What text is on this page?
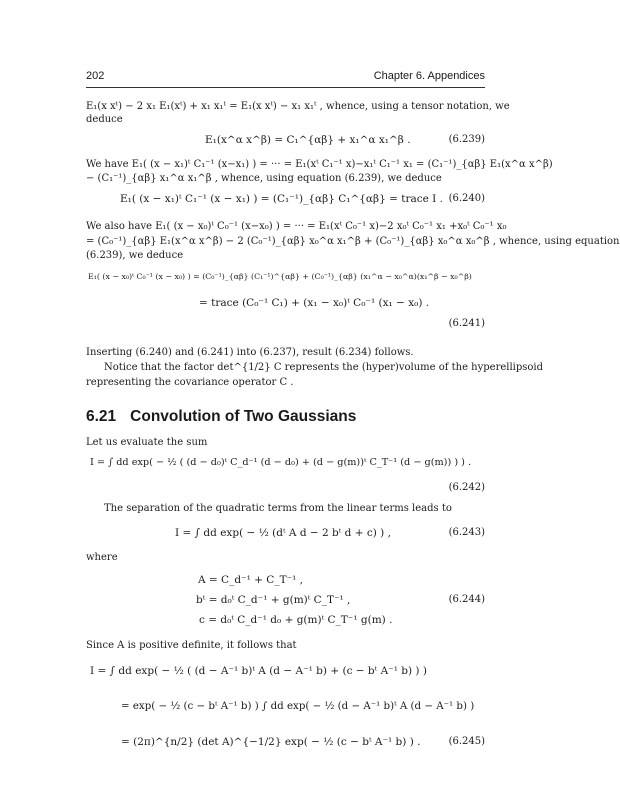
202	Chapter 6. Appendices
E₁(x xᵗ) − 2 x₁ E₁(xᵗ) + x₁ x₁ᵗ = E₁(x xᵗ) − x₁ x₁ᵗ , whence, using a tensor notation, we
deduce
E₁(x^α x^β) = C₁^{αβ} + x₁^α x₁^β .	(6.239)
We have E₁( (x − x₁)ᵗ C₁⁻¹ (x−x₁) ) = ··· = E₁(xᵗ C₁⁻¹ x)−x₁ᵗ C₁⁻¹ x₁ = (C₁⁻¹)_{αβ} E₁(x^α x^β)
− (C₁⁻¹)_{αβ} x₁^α x₁^β , whence, using equation (6.239), we deduce
E₁( (x − x₁)ᵗ C₁⁻¹ (x − x₁) ) = (C₁⁻¹)_{αβ} C₁^{αβ} = trace I . (6.240)
We also have E₁( (x − x₀)ᵗ C₀⁻¹ (x−x₀) ) = ··· = E₁(xᵗ C₀⁻¹ x)−2 x₀ᵗ C₀⁻¹ x₁ +x₀ᵗ C₀⁻¹ x₀
= (C₀⁻¹)_{αβ} E₁(x^α x^β) − 2 (C₀⁻¹)_{αβ} x₀^α x₁^β + (C₀⁻¹)_{αβ} x₀^α x₀^β , whence, using equation
(6.239), we deduce
E₁( (x − x₀)ᵗ C₀⁻¹ (x − x₀) ) = (C₀⁻¹)_{αβ} (C₁⁻¹)^{αβ} + (C₀⁻¹)_{αβ} (x₁^α − x₀^α)(x₁^β − x₀^β)
= trace (C₀⁻¹ C₁) + (x₁ − x₀)ᵗ C₀⁻¹ (x₁ − x₀) .
(6.241)
Inserting (6.240) and (6.241) into (6.237), result (6.234) follows.
Notice that the factor det^{1/2} C represents the (hyper)volume of the hyperellipsoid
representing the covariance operator C .
6.21 Convolution of Two Gaussians
Let us evaluate the sum
I = ∫ dd exp( − ½ ( (d − d₀)ᵗ C_d⁻¹ (d − d₀) + (d − g(m))ᵗ C_T⁻¹ (d − g(m)) ) ) .
(6.242)
The separation of the quadratic terms from the linear terms leads to
I = ∫ dd exp( − ½ (dᵗ A d − 2 bᵗ d + c) ) ,	(6.243)
where
A = C_d⁻¹ + C_T⁻¹ ,
bᵗ = d₀ᵗ C_d⁻¹ + g(m)ᵗ C_T⁻¹ ,	(6.244)
c = d₀ᵗ C_d⁻¹ d₀ + g(m)ᵗ C_T⁻¹ g(m) .
Since A is positive definite, it follows that
I = ∫ dd exp( − ½ ( (d − A⁻¹ b)ᵗ A (d − A⁻¹ b) + (c − bᵗ A⁻¹ b) ) )
= exp( − ½ (c − bᵗ A⁻¹ b) ) ∫ dd exp( − ½ (d − A⁻¹ b)ᵗ A (d − A⁻¹ b) )
= (2π)^{n/2} (det A)^{−1/2} exp( − ½ (c − bᵗ A⁻¹ b) ) .	(6.245)
